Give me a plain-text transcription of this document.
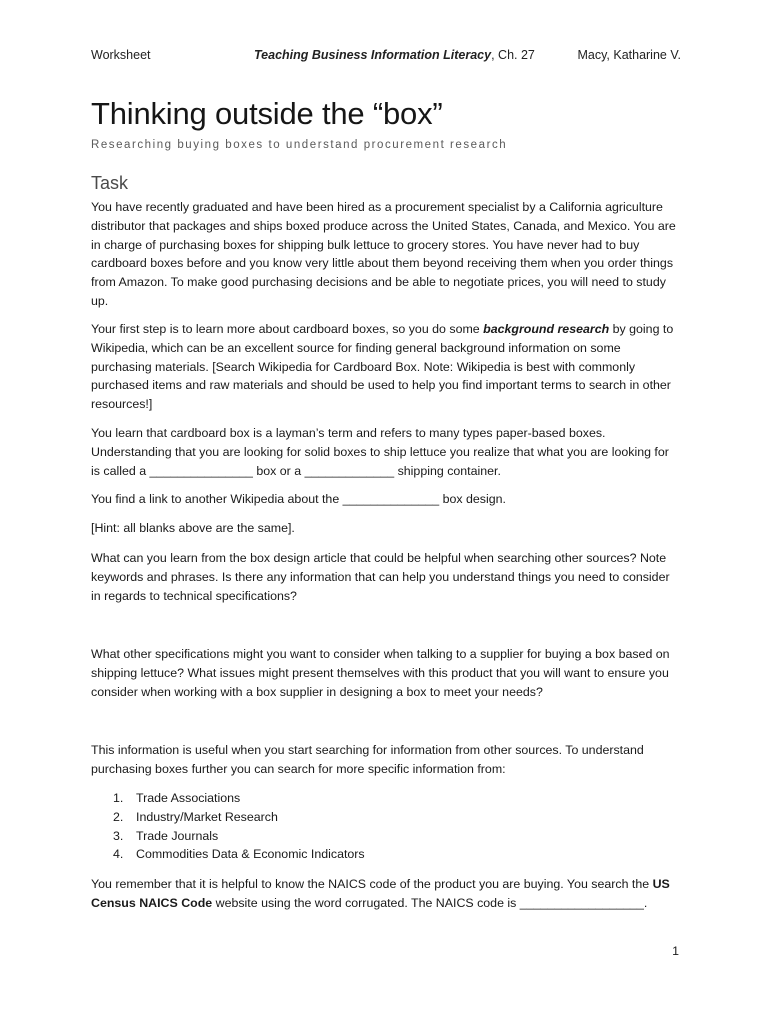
Worksheet	Teaching Business Information Literacy, Ch. 27	Macy, Katharine V.
Thinking outside the “box”
Researching buying boxes to understand procurement research
Task

You have recently graduated and have been hired as a procurement specialist by a California agriculture distributor that packages and ships boxed produce across the United States, Canada, and Mexico. You are in charge of purchasing boxes for shipping bulk lettuce to grocery stores. You have never had to buy cardboard boxes before and you know very little about them beyond receiving them when you order things from Amazon. To make good purchasing decisions and be able to negotiate prices, you will need to study up.

Your first step is to learn more about cardboard boxes, so you do some background research by going to Wikipedia, which can be an excellent source for finding general background information on some purchasing materials. [Search Wikipedia for Cardboard Box. Note: Wikipedia is best with commonly purchased items and raw materials and should be used to help you find important terms to search in other resources!]

You learn that cardboard box is a layman’s term and refers to many types paper-based boxes. Understanding that you are looking for solid boxes to ship lettuce you realize that what you are looking for is called a _______________ box or a _____________ shipping container.

You find a link to another Wikipedia about the ______________ box design.

[Hint: all blanks above are the same].

What can you learn from the box design article that could be helpful when searching other sources? Note keywords and phrases. Is there any information that can help you understand things you need to consider in regards to technical specifications?

What other specifications might you want to consider when talking to a supplier for buying a box based on shipping lettuce? What issues might present themselves with this product that you will want to ensure you consider when working with a box supplier in designing a box to meet your needs?

This information is useful when you start searching for information from other sources. To understand purchasing boxes further you can search for more specific information from:

1. Trade Associations
2. Industry/Market Research
3. Trade Journals
4. Commodities Data & Economic Indicators

You remember that it is helpful to know the NAICS code of the product you are buying. You search the US Census NAICS Code website using the word corrugated. The NAICS code is __________________.

1
